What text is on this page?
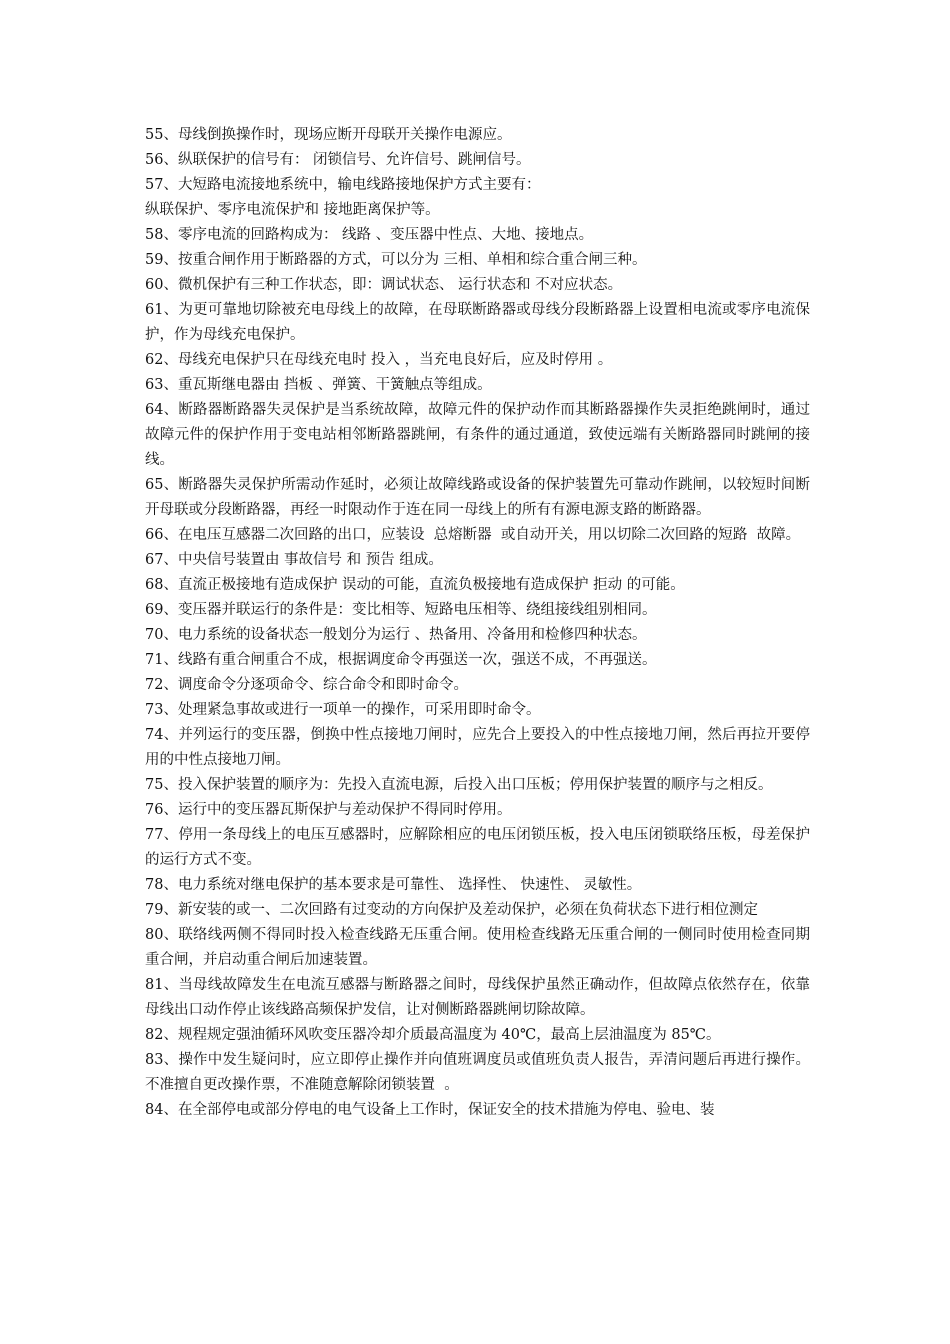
55、母线倒换操作时，现场应断开母联开关操作电源应。

56、纵联保护的信号有： 闭锁信号、允许信号、跳闸信号。

57、大短路电流接地系统中，输电线路接地保护方式主要有：

纵联保护、零序电流保护和 接地距离保护等。

58、零序电流的回路构成为： 线路 、变压器中性点、大地、接地点。

59、按重合闸作用于断路器的方式，可以分为 三相、单相和综合重合闸三种。

60、微机保护有三种工作状态，即：调试状态、 运行状态和 不对应状态。

61、为更可靠地切除被充电母线上的故障，在母联断路器或母线分段断路器上设置相电流或零序电流保护，作为母线充电保护。

62、母线充电保护只在母线充电时 投入 ，当充电良好后，应及时停用 。

63、重瓦斯继电器由 挡板 、弹簧、干簧触点等组成。

64、断路器断路器失灵保护是当系统故障，故障元件的保护动作而其断路器操作失灵拒绝跳闸时，通过故障元件的保护作用于变电站相邻断路器跳闸，有条件的通过通道，致使远端有关断路器同时跳闸的接线。

65、断路器失灵保护所需动作延时，必须让故障线路或设备的保护装置先可靠动作跳闸，以较短时间断开母联或分段断路器，再经一时限动作于连在同一母线上的所有有源电源支路的断路器。

66、在电压互感器二次回路的出口，应装设  总熔断器  或自动开关，用以切除二次回路的短路  故障。

67、中央信号装置由 事故信号 和 预告 组成。

68、直流正极接地有造成保护 误动的可能，直流负极接地有造成保护 拒动 的可能。

69、变压器并联运行的条件是：变比相等、短路电压相等、绕组接线组别相同。

70、电力系统的设备状态一般划分为运行 、热备用、冷备用和检修四种状态。

71、线路有重合闸重合不成，根据调度命令再强送一次，强送不成，不再强送。

72、调度命令分逐项命令、综合命令和即时命令。

73、处理紧急事故或进行一项单一的操作，可采用即时命令。

74、并列运行的变压器，倒换中性点接地刀闸时，应先合上要投入的中性点接地刀闸，然后再拉开要停用的中性点接地刀闸。

75、投入保护装置的顺序为：先投入直流电源，后投入出口压板；停用保护装置的顺序与之相反。

76、运行中的变压器瓦斯保护与差动保护不得同时停用。

77、停用一条母线上的电压互感器时，应解除相应的电压闭锁压板，投入电压闭锁联络压板，母差保护的运行方式不变。

78、电力系统对继电保护的基本要求是可靠性、 选择性、 快速性、 灵敏性。

79、新安装的或一、二次回路有过变动的方向保护及差动保护，必须在负荷状态下进行相位测定

80、联络线两侧不得同时投入检查线路无压重合闸。使用检查线路无压重合闸的一侧同时使用检查同期重合闸，并启动重合闸后加速装置。

81、当母线故障发生在电流互感器与断路器之间时，母线保护虽然正确动作，但故障点依然存在，依靠母线出口动作停止该线路高频保护发信，让对侧断路器跳闸切除故障。

82、规程规定强油循环风吹变压器冷却介质最高温度为 40℃，最高上层油温度为 85℃。

83、操作中发生疑问时，应立即停止操作并向值班调度员或值班负责人报告，弄清问题后再进行操作。不准擅自更改操作票，不准随意解除闭锁装置  。

84、在全部停电或部分停电的电气设备上工作时，保证安全的技术措施为停电、验电、装
